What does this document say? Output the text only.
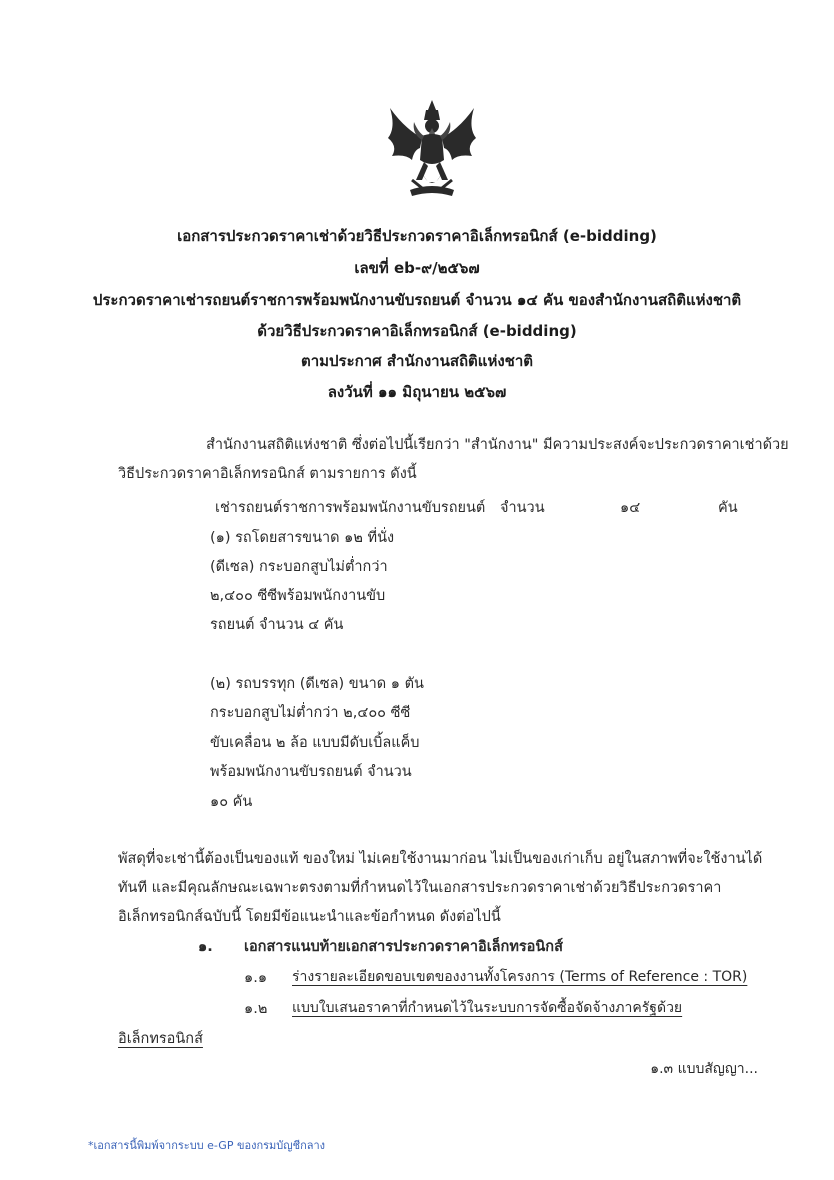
เอกสารประกวดราคาเช่าด้วยวิธีประกวดราคาอิเล็กทรอนิกส์ (e-bidding)
เลขที่ eb-๙/๒๕๖๗
ประกวดราคาเช่ารถยนต์ราชการพร้อมพนักงานขับรถยนต์ จำนวน ๑๔ คัน ของสำนักงานสถิติแห่งชาติ
ด้วยวิธีประกวดราคาอิเล็กทรอนิกส์ (e-bidding)
ตามประกาศ สำนักงานสถิติแห่งชาติ
ลงวันที่ ๑๑ มิถุนายน ๒๕๖๗
สำนักงานสถิติแห่งชาติ ซึ่งต่อไปนี้เรียกว่า "สำนักงาน" มีความประสงค์จะประกวดราคาเช่าด้วย
วิธีประกวดราคาอิเล็กทรอนิกส์ ตามรายการ ดังนี้
เช่ารถยนต์ราชการพร้อมพนักงานขับรถยนต์ จำนวน	๑๔	คัน
(๑) รถโดยสารขนาด ๑๒ ที่นั่ง
(ดีเซล) กระบอกสูบไม่ต่ำกว่า
๒,๔๐๐ ซีซีพร้อมพนักงานขับ
รถยนต์ จำนวน ๔ คัน
(๒) รถบรรทุก (ดีเซล) ขนาด ๑ ตัน
กระบอกสูบไม่ต่ำกว่า ๒,๔๐๐ ซีซี
ขับเคลื่อน ๒ ล้อ แบบมีดับเบิ้ลแค็บ
พร้อมพนักงานขับรถยนต์ จำนวน
๑๐ คัน
พัสดุที่จะเช่านี้ต้องเป็นของแท้ ของใหม่ ไม่เคยใช้งานมาก่อน ไม่เป็นของเก่าเก็บ อยู่ในสภาพที่จะใช้งานได้
ทันที และมีคุณลักษณะเฉพาะตรงตามที่กำหนดไว้ในเอกสารประกวดราคาเช่าด้วยวิธีประกวดราคา
อิเล็กทรอนิกส์ฉบับนี้ โดยมีข้อแนะนำและข้อกำหนด ดังต่อไปนี้
๑. เอกสารแนบท้ายเอกสารประกวดราคาอิเล็กทรอนิกส์
๑.๑ ร่างรายละเอียดขอบเขตของงานทั้งโครงการ (Terms of Reference : TOR)
๑.๒ แบบใบเสนอราคาที่กำหนดไว้ในระบบการจัดซื้อจัดจ้างภาครัฐด้วย
อิเล็กทรอนิกส์
๑.๓ แบบสัญญา...
*เอกสารนี้พิมพ์จากระบบ e-GP ของกรมบัญชีกลาง
